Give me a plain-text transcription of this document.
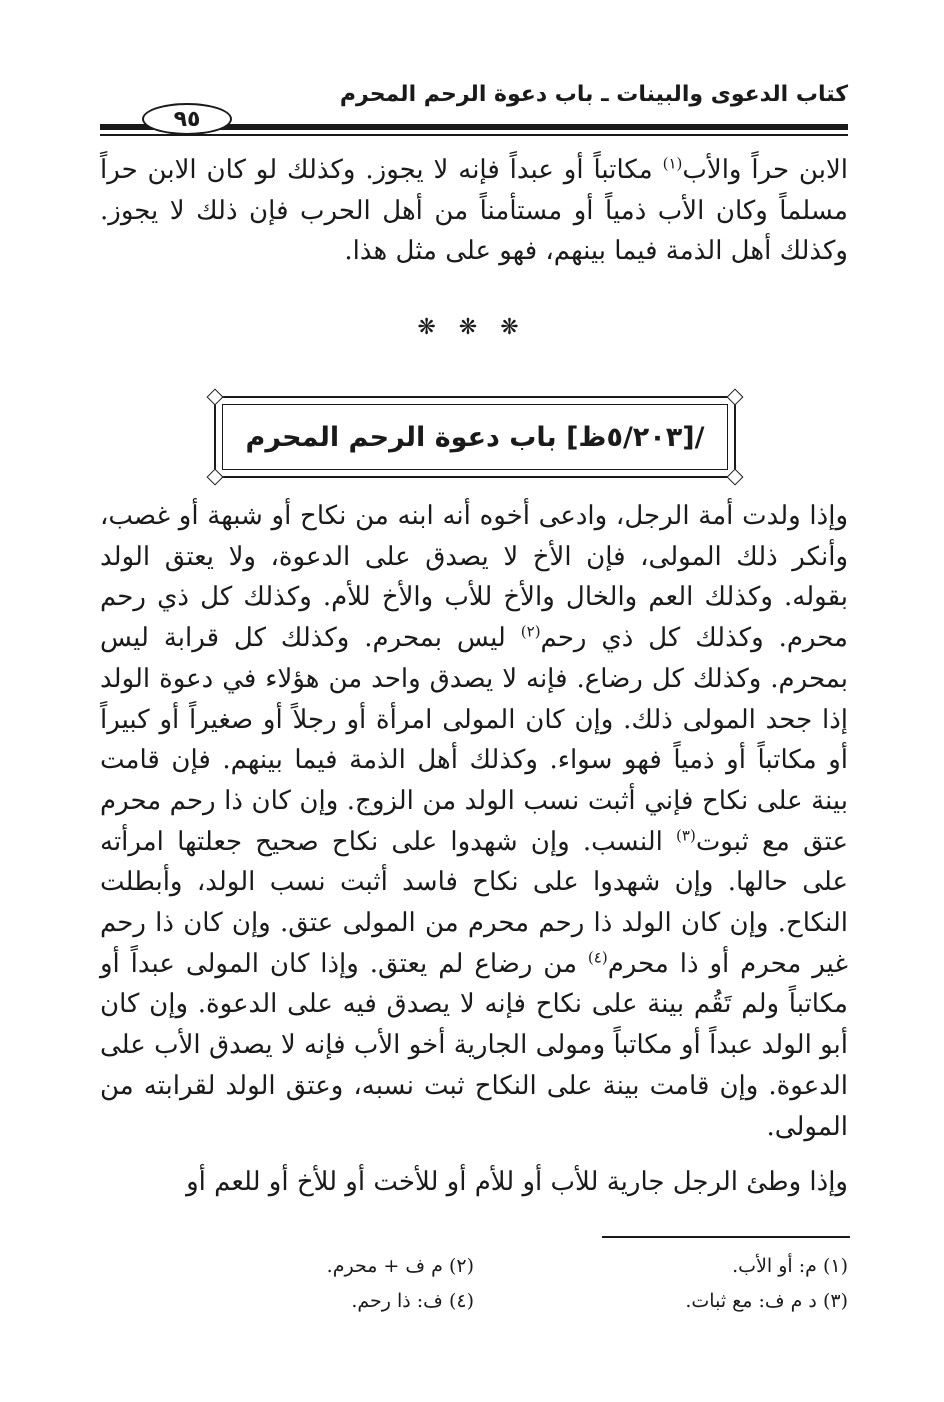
كتاب الدعوى والبينات ـ باب دعوة الرحم المحرم
٩٥

الابن حراً والأب$^{(١)}$ مكاتباً أو عبداً فإنه لا يجوز. وكذلك لو كان الابن حراً مسلماً وكان الأب ذمياً أو مستأمناً من أهل الحرب فإن ذلك لا يجوز. وكذلك أهل الذمة فيما بينهم، فهو على مثل هذا.

❋ ❋ ❋
/[٥/٢٠٣ظ] باب دعوة الرحم المحرم

وإذا ولدت أمة الرجل، وادعى أخوه أنه ابنه من نكاح أو شبهة أو غصب، وأنكر ذلك المولى، فإن الأخ لا يصدق على الدعوة، ولا يعتق الولد بقوله. وكذلك العم والخال والأخ للأب والأخ للأم. وكذلك كل ذي رحم محرم. وكذلك كل ذي رحم$^{(٢)}$ ليس بمحرم. وكذلك كل قرابة ليس بمحرم. وكذلك كل رضاع. فإنه لا يصدق واحد من هؤلاء في دعوة الولد إذا جحد المولى ذلك. وإن كان المولى امرأة أو رجلاً أو صغيراً أو كبيراً أو مكاتباً أو ذمياً فهو سواء. وكذلك أهل الذمة فيما بينهم. فإن قامت بينة على نكاح فإني أثبت نسب الولد من الزوج. وإن كان ذا رحم محرم عتق مع ثبوت$^{(٣)}$ النسب. وإن شهدوا على نكاح صحيح جعلتها امرأته على حالها. وإن شهدوا على نكاح فاسد أثبت نسب الولد، وأبطلت النكاح. وإن كان الولد ذا رحم محرم من المولى عتق. وإن كان ذا رحم غير محرم أو ذا محرم$^{(٤)}$ من رضاع لم يعتق. وإذا كان المولى عبداً أو مكاتباً ولم تَقُم بينة على نكاح فإنه لا يصدق فيه على الدعوة. وإن كان أبو الولد عبداً أو مكاتباً ومولى الجارية أخو الأب فإنه لا يصدق الأب على الدعوة. وإن قامت بينة على النكاح ثبت نسبه، وعتق الولد لقرابته من المولى.

وإذا وطئ الرجل جارية للأب أو للأم أو للأخت أو للأخ أو للعم أو

(١) م: أو الأب.
(٢) م ف + محرم.
(٣) د م ف: مع ثبات.
(٤) ف: ذا رحم.
